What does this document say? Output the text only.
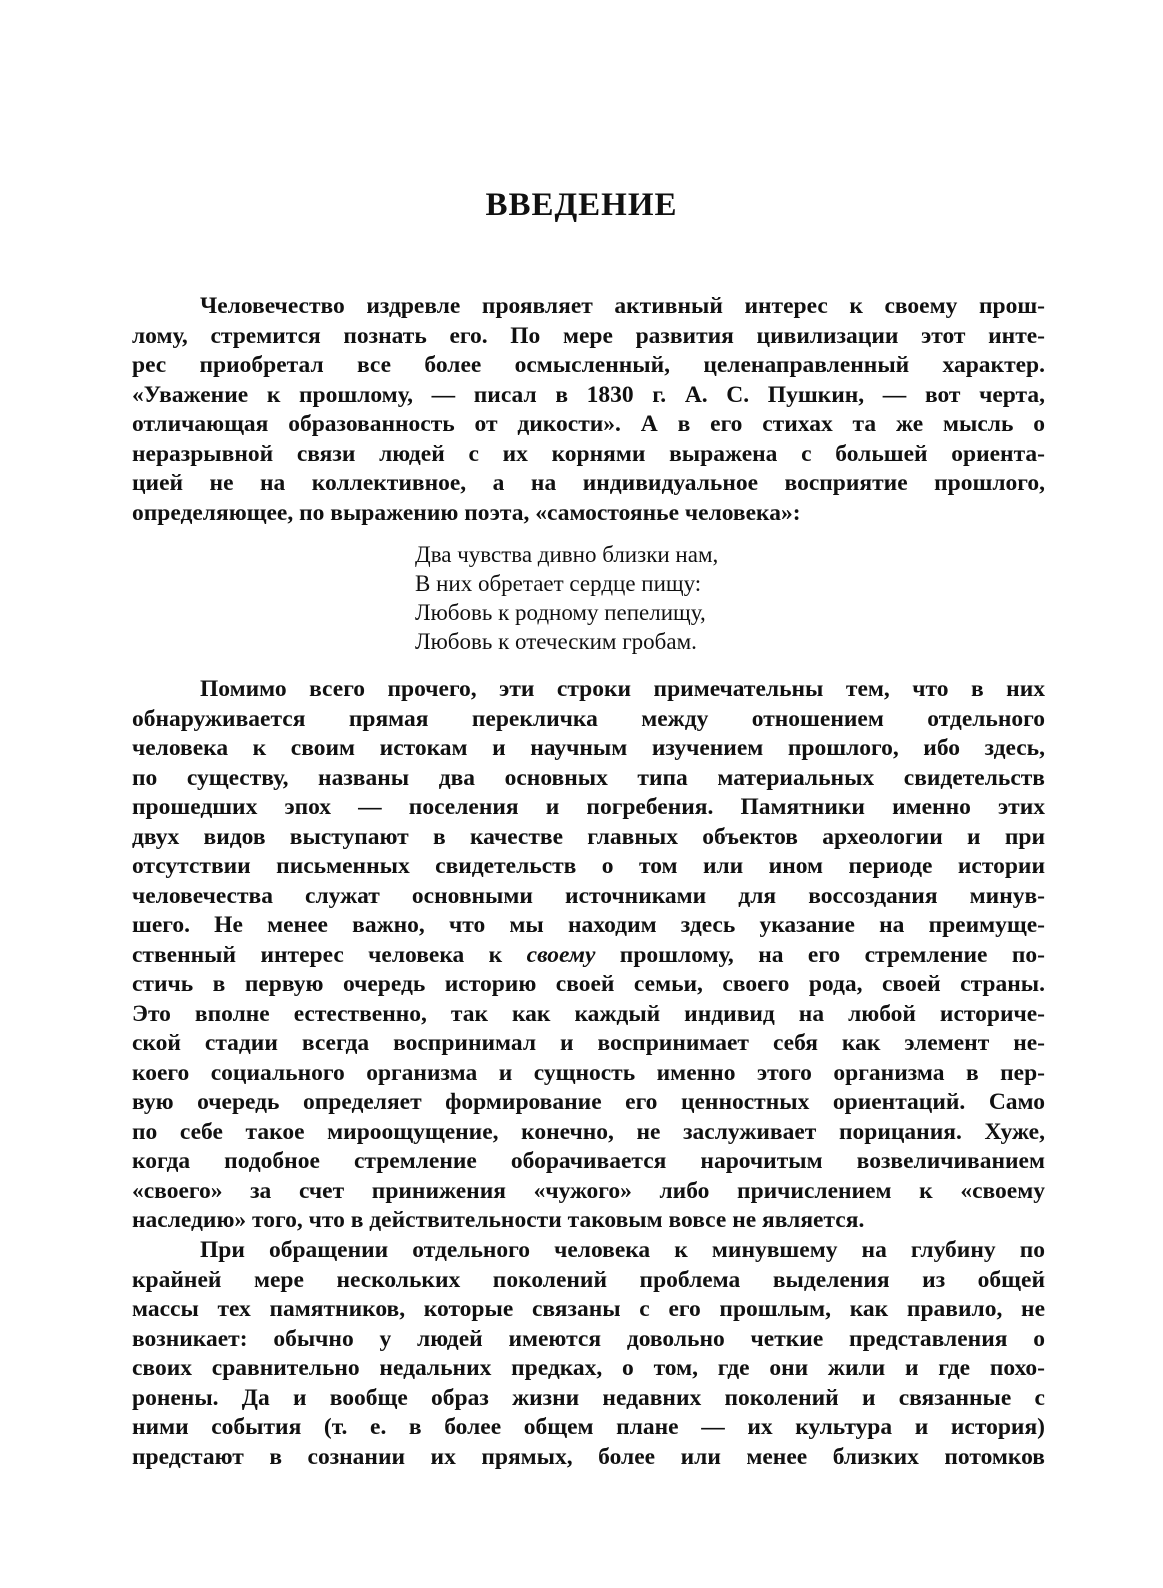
ВВЕДЕНИЕ
Человечество издревле проявляет активный интерес к своему прош-
лому, стремится познать его. По мере развития цивилизации этот инте-
рес приобретал все более осмысленный, целенаправленный характер.
«Уважение к прошлому, — писал в 1830 г. А. С. Пушкин, — вот черта,
отличающая образованность от дикости». А в его стихах та же мысль о
неразрывной связи людей с их корнями выражена с большей ориента-
цией не на коллективное, а на индивидуальное восприятие прошлого,
определяющее, по выражению поэта, «самостоянье человека»:
Два чувства дивно близки нам,
В них обретает сердце пищу:
Любовь к родному пепелищу,
Любовь к отеческим гробам.
Помимо всего прочего, эти строки примечательны тем, что в них
обнаруживается прямая перекличка между отношением отдельного
человека к своим истокам и научным изучением прошлого, ибо здесь,
по существу, названы два основных типа материальных свидетельств
прошедших эпох — поселения и погребения. Памятники именно этих
двух видов выступают в качестве главных объектов археологии и при
отсутствии письменных свидетельств о том или ином периоде истории
человечества служат основными источниками для воссоздания минув-
шего. Не менее важно, что мы находим здесь указание на преимуще-
ственный интерес человека к своему прошлому, на его стремление по-
стичь в первую очередь историю своей семьи, своего рода, своей страны.
Это вполне естественно, так как каждый индивид на любой историче-
ской стадии всегда воспринимал и воспринимает себя как элемент не-
коего социального организма и сущность именно этого организма в пер-
вую очередь определяет формирование его ценностных ориентаций. Само
по себе такое мироощущение, конечно, не заслуживает порицания. Хуже,
когда подобное стремление оборачивается нарочитым возвеличиванием
«своего» за счет принижения «чужого» либо причислением к «своему
наследию» того, что в действительности таковым вовсе не является.
При обращении отдельного человека к минувшему на глубину по
крайней мере нескольких поколений проблема выделения из общей
массы тех памятников, которые связаны с его прошлым, как правило, не
возникает: обычно у людей имеются довольно четкие представления о
своих сравнительно недальних предках, о том, где они жили и где похо-
ронены. Да и вообще образ жизни недавних поколений и связанные с
ними события (т. е. в более общем плане — их культура и история)
предстают в сознании их прямых, более или менее близких потомков
